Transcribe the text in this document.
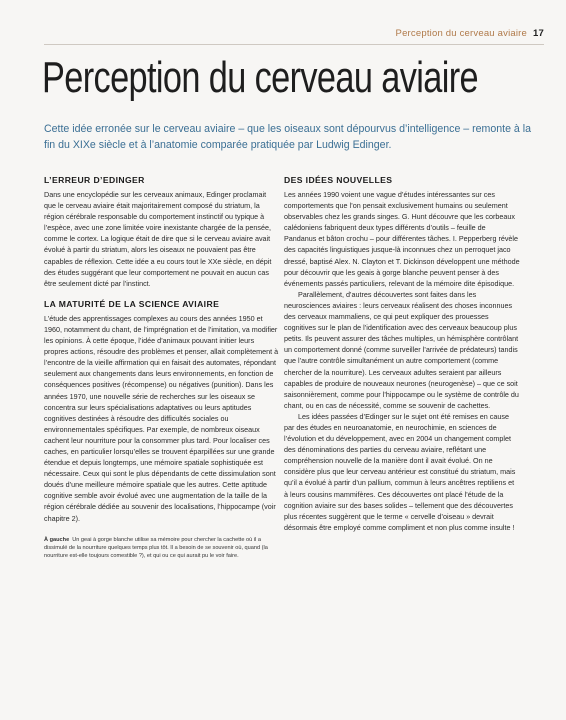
Perception du cerveau aviaire 17
Perception du cerveau aviaire

Cette idée erronée sur le cerveau aviaire – que les oiseaux sont dépourvus d’intelligence – remonte à la fin du XIXe siècle et à l’anatomie comparée pratiquée par Ludwig Edinger.

L’ERREUR D’EDINGER

Dans une encyclopédie sur les cerveaux animaux, Edinger proclamait que le cerveau aviaire était majoritairement composé du striatum, la région cérébrale responsable du comportement instinctif ou typique à l’espèce, avec une zone limitée voire inexistante chargée de la pensée, comme le cortex. La logique était de dire que si le cerveau aviaire avait évolué à partir du striatum, alors les oiseaux ne pouvaient pas être capables de réflexion. Cette idée a eu cours tout le XXe siècle, en dépit des études suggérant que leur comportement ne pouvait en aucun cas être seulement dicté par l’instinct.

LA MATURITÉ DE LA SCIENCE AVIAIRE

L’étude des apprentissages complexes au cours des années 1950 et 1960, notamment du chant, de l’imprégnation et de l’imitation, va modifier les opinions. À cette époque, l’idée d’animaux pouvant initier leurs propres actions, résoudre des problèmes et penser, allait complètement à l’encontre de la vieille affirmation qui en faisait des automates, répondant seulement aux changements dans leurs environnements, en fonction de conséquences positives (récompense) ou négatives (punition). Dans les années 1970, une nouvelle série de recherches sur les oiseaux se concentra sur leurs spécialisations adaptatives ou leurs aptitudes cognitives destinées à résoudre des difficultés sociales ou environnementales spécifiques. Par exemple, de nombreux oiseaux cachent leur nourriture pour la consommer plus tard. Pour localiser ces caches, en particulier lorsqu’elles se trouvent éparpillées sur une grande étendue et depuis longtemps, une mémoire spatiale sophistiquée est nécessaire. Ceux qui sont le plus dépendants de cette dissimulation sont doués d’une meilleure mémoire spatiale que les autres. Cette aptitude cognitive semble avoir évolué avec une augmentation de la taille de la région cérébrale dédiée au souvenir des localisations, l’hippocampe (voir chapitre 2).

À gauche Un geai à gorge blanche utilise sa mémoire pour chercher la cachette où il a dissimulé de la nourriture quelques temps plus tôt. Il a besoin de se souvenir où, quand (la nourriture est-elle toujours comestible ?), et qui ou ce qui aurait pu le voir faire.
DES IDÉES NOUVELLES

Les années 1990 voient une vague d’études intéressantes sur ces comportements que l’on pensait exclusivement humains ou seulement observables chez les grands singes. G. Hunt découvre que les corbeaux calédoniens fabriquent deux types différents d’outils – feuille de Pandanus et bâton crochu – pour différentes tâches. I. Pepperberg révèle des capacités linguistiques jusque-là inconnues chez un perroquet jaco dressé, baptisé Alex. N. Clayton et T. Dickinson développent une méthode pour découvrir que les geais à gorge blanche peuvent penser à des événements passés particuliers, relevant de la mémoire dite épisodique.

Parallèlement, d’autres découvertes sont faites dans les neurosciences aviaires : leurs cerveaux réalisent des choses inconnues des cerveaux mammaliens, ce qui peut expliquer des prouesses cognitives sur le plan de l’identification avec des cerveaux beaucoup plus petits. Ils peuvent assurer des tâches multiples, un hémisphère contrôlant un comportement donné (comme surveiller l’arrivée de prédateurs) tandis que l’autre contrôle simultanément un autre comportement (comme chercher de la nourriture). Les cerveaux adultes seraient par ailleurs capables de produire de nouveaux neurones (neurogenèse) – que ce soit saisonnièrement, comme pour l’hippocampe ou le système de contrôle du chant, ou en cas de nécessité, comme se souvenir de cachettes.

Les idées passées d’Edinger sur le sujet ont été remises en cause par des études en neuroanatomie, en neurochimie, en sciences de l’évolution et du développement, avec en 2004 un changement complet des dénominations des parties du cerveau aviaire, reflétant une compréhension nouvelle de la manière dont il avait évolué. On ne considère plus que leur cerveau antérieur est constitué du striatum, mais qu’il a évolué à partir d’un pallium, commun à leurs ancêtres reptiliens et à leurs cousins mammifères. Ces découvertes ont placé l’étude de la cognition aviaire sur des bases solides – tellement que des découvertes plus récentes suggèrent que le terme « cervelle d’oiseau » devrait désormais être employé comme compliment et non plus comme insulte !
